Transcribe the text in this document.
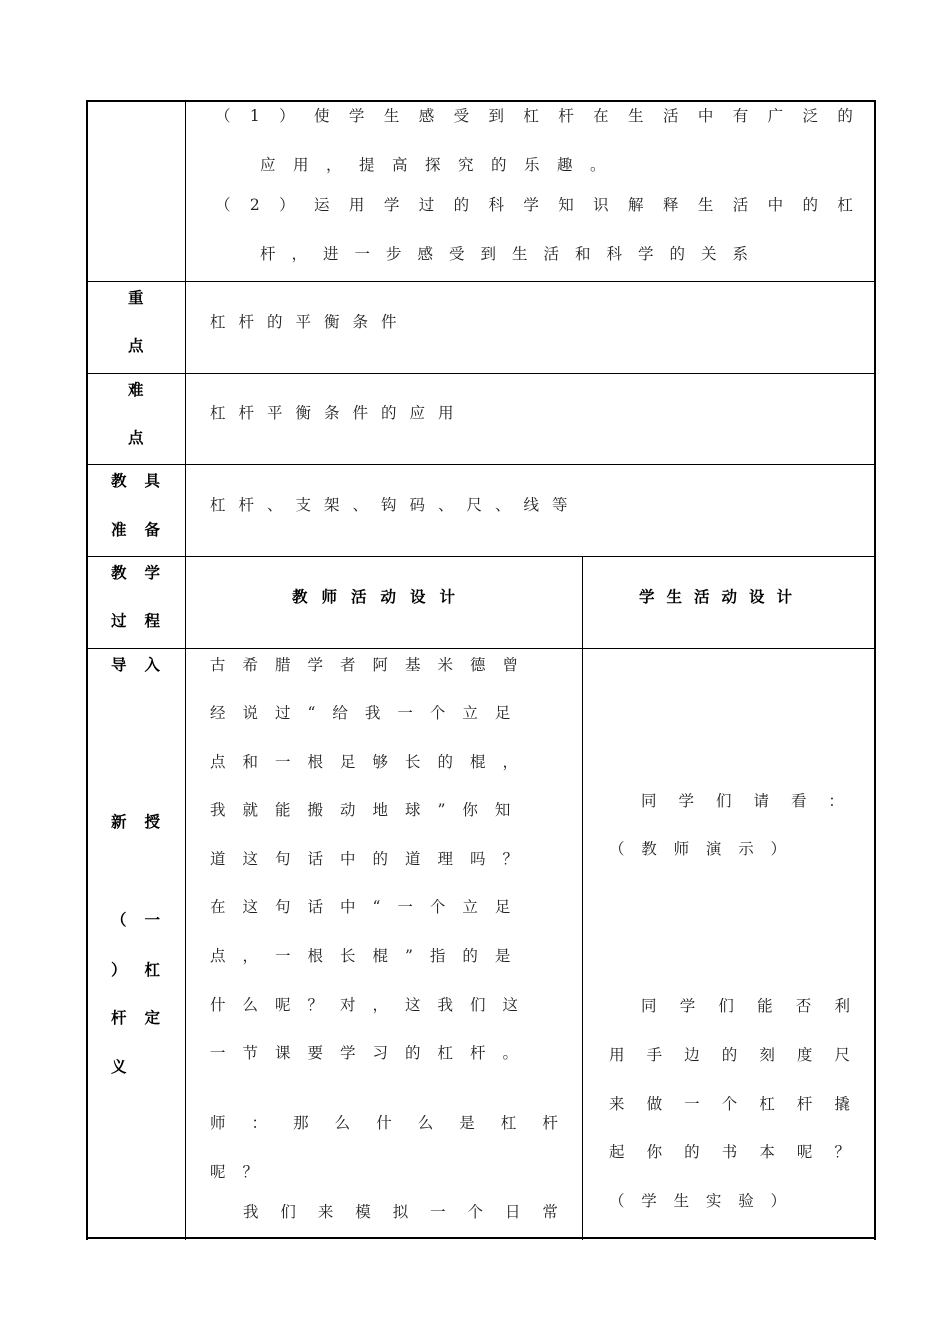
（ 1 ） 使 学 生 感 受 到 杠 杆 在 生 活 中 有 广 泛 的
应用，提高探究的乐趣。
（ 2 ） 运 用 学 过 的 科 学 知 识 解 释 生 活 中 的 杠
杆，进一步感受到生活和科学的关系
重
点
杠杆的平衡条件
难
点
杠杆平衡条件的应用
教具
准备
杠杆、支架、钩码、尺、线等
教学
过程
教师活动设计	学生活动设计
导入
新授
（一
）杠
杆定
义
古希腊学者阿基米德曾
经说过“给我一个立足
点和一根足够长的棍，
我就能搬动地球”你知
道这句话中的道理吗？
在这句话中“一个立足
点，一根长棍”指的是
什么呢？对，这我们这
一节课要学习的杠杆。
师 ： 那 么 什 么 是 杠 杆
呢？
我 们 来 模 拟 一 个 日 常
同 学 们 请 看 ：
（ 教 师 演 示 ）
同 学 们 能 否 利
用 手 边 的 刻 度 尺
来 做 一 个 杠 杆 撬
起 你 的 书 本 呢 ？
（ 学 生 实 验 ）
